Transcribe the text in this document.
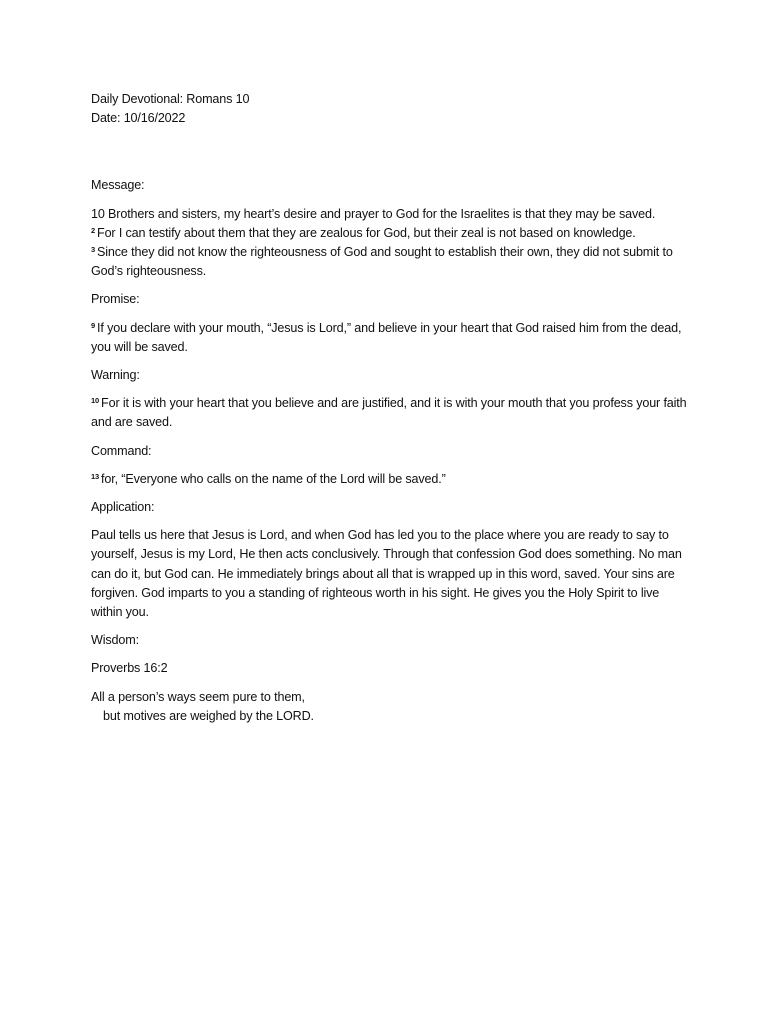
Daily Devotional: Romans 10
Date: 10/16/2022
Message:
10 Brothers and sisters, my heart’s desire and prayer to God for the Israelites is that they may be saved.
$^2$ For I can testify about them that they are zealous for God, but their zeal is not based on knowledge.
$^3$ Since they did not know the righteousness of God and sought to establish their own, they did not submit to God’s righteousness.
Promise:
$^9$ If you declare with your mouth, “Jesus is Lord,” and believe in your heart that God raised him from the dead, you will be saved.
Warning:
$^{10}$ For it is with your heart that you believe and are justified, and it is with your mouth that you profess your faith and are saved.
Command:
$^{13}$ for, “Everyone who calls on the name of the Lord will be saved.”
Application:
Paul tells us here that Jesus is Lord, and when God has led you to the place where you are ready to say to yourself, Jesus is my Lord, He then acts conclusively. Through that confession God does something. No man can do it, but God can. He immediately brings about all that is wrapped up in this word, saved. Your sins are forgiven. God imparts to you a standing of righteous worth in his sight. He gives you the Holy Spirit to live within you.
Wisdom:
Proverbs 16:2
All a person’s ways seem pure to them,
but motives are weighed by the LORD.
